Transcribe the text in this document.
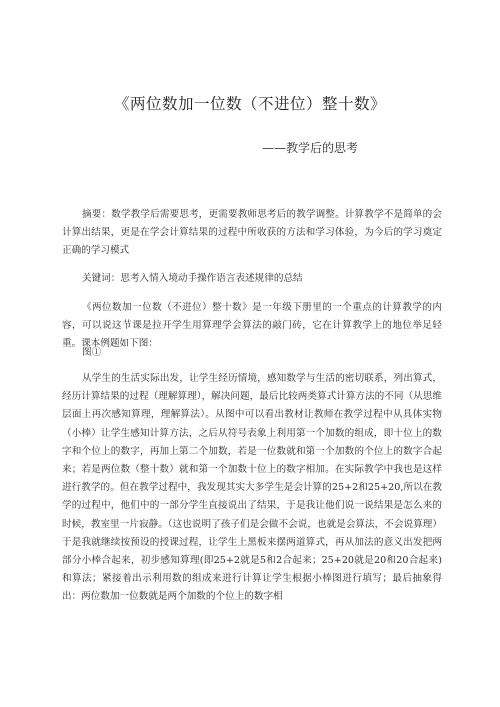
《两位数加一位数（不进位）整十数》
——教学后的思考

摘要：数学教学后需要思考，更需要教师思考后的教学调整。计算教学不是简单的会计算出结果，更是在学会计算结果的过程中所收获的方法和学习体验，为今后的学习奠定正确的学习模式

关键词：思考入情入境动手操作语言表述规律的总结

《两位数加一位数（不进位）整十数》是一年级下册里的一个重点的计算教学的内容，可以说这节课是拉开学生用算理学会算法的敲门砖，它在计算教学上的地位举足轻重。课本例题如下图：

图①

从学生的生活实际出发，让学生经历情境，感知数学与生活的密切联系，列出算式，经历计算结果的过程（理解算理），解决问题，最后比较两类算式计算方法的不同（从思维层面上再次感知算理，理解算法）。从图中可以看出教材让教师在教学过程中从具体实物（小棒）让学生感知计算方法，之后从符号表象上利用第一个加数的组成，即十位上的数字和个位上的数字，再加上第二个加数，若是一位数就和第一个加数的个位上的数字合起来；若是两位数（整十数）就和第一个加数十位上的数字相加。在实际教学中我也是这样进行教学的。但在教学过程中，我发现其实大多学生是会计算的25+2和25+20,所以在教学的过程中，他们中的一部分学生直接说出了结果，于是我让他们说一说结果是怎么来的时候，教室里一片寂静。（这也说明了孩子们是会做不会说，也就是会算法，不会说算理）于是我就继续按预设的授课过程，让学生上黑板来摆两道算式，再从加法的意义出发把两部分小棒合起来，初步感知算理(即25+2就是5和2合起来；25+20就是20和20合起来)和算法；紧接着出示利用数的组成来进行计算让学生根据小棒图进行填写；最后抽象得出：两位数加一位数就是两个加数的个位上的数字相
